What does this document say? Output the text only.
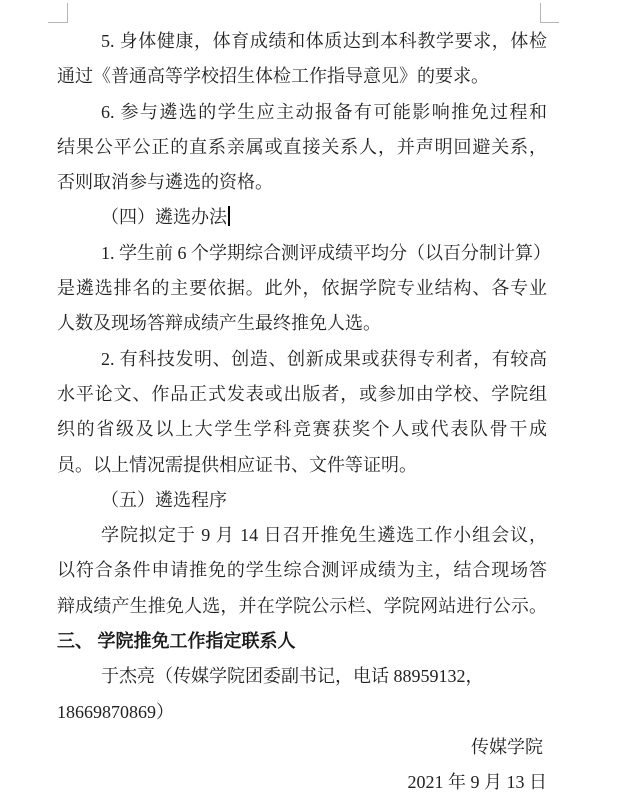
5. 身体健康，体育成绩和体质达到本科教学要求，体检
通过《普通高等学校招生体检工作指导意见》的要求。
6. 参与遴选的学生应主动报备有可能影响推免过程和
结果公平公正的直系亲属或直接关系人，并声明回避关系，
否则取消参与遴选的资格。
（四）遴选办法
1. 学生前 6 个学期综合测评成绩平均分（以百分制计算）
是遴选排名的主要依据。此外，依据学院专业结构、各专业
人数及现场答辩成绩产生最终推免人选。
2. 有科技发明、创造、创新成果或获得专利者，有较高
水平论文、作品正式发表或出版者，或参加由学校、学院组
织的省级及以上大学生学科竞赛获奖个人或代表队骨干成
员。以上情况需提供相应证书、文件等证明。
（五）遴选程序
学院拟定于 9 月 14 日召开推免生遴选工作小组会议，
以符合条件申请推免的学生综合测评成绩为主，结合现场答
辩成绩产生推免人选，并在学院公示栏、学院网站进行公示。
三、 学院推免工作指定联系人
于杰亮（传媒学院团委副书记，电话 88959132，
18669870869）
传媒学院
2021 年 9 月 13 日
